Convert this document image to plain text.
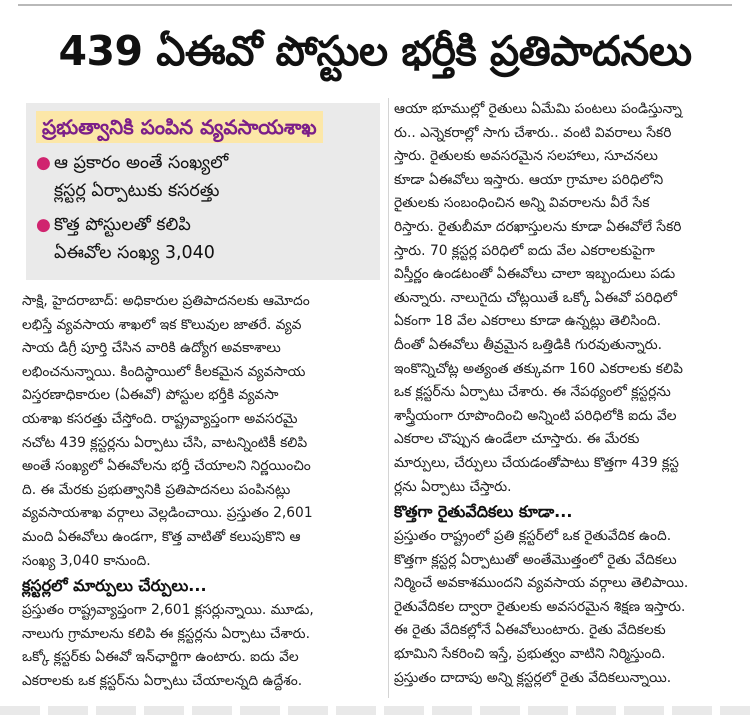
439 ఏఈవో పోస్టుల భర్తీకి ప్రతిపాదనలు
ప్రభుత్వానికి పంపిన వ్యవసాయశాఖ
● ఆ ప్రకారం అంతే సంఖ్యలో
క్లస్టర్ల ఏర్పాటుకు కసరత్తు
● కొత్త పోస్టులతో కలిపి
ఏఈవోల సంఖ్య 3,040
సాక్షి, హైదరాబాద్‌: అధికారుల ప్రతిపాదనలకు ఆమోదం
లభిస్తే వ్యవసాయ శాఖలో ఇక కొలువుల జాతరే. వ్యవ
సాయ డిగ్రీ పూర్తి చేసిన వారికి ఉద్యోగ అవకాశాలు
లభించనున్నాయి. కిందిస్థాయిలో కీలకమైన వ్యవసాయ
విస్తరణాధికారుల (ఏఈవో) పోస్టుల భర్తీకి వ్యవసా
యశాఖ కసరత్తు చేస్తోంది. రాష్ట్రవ్యాప్తంగా అవసరమై
నచోట 439 క్లస్టర్లను ఏర్పాటు చేసి, వాటన్నింటికీ కలిపి
అంతే సంఖ్యలో ఏఈవోలను భర్తీ చేయాలని నిర్ణయించిం
ది. ఈ మేరకు ప్రభుత్వానికి ప్రతిపాదనలు పంపినట్లు
వ్యవసాయశాఖ వర్గాలు వెల్లడించాయి. ప్రస్తుతం 2,601
మంది ఏఈవోలు ఉండగా, కొత్త వాటితో కలుపుకొని ఆ
సంఖ్య 3,040 కానుంది.
క్లస్టర్లలో మార్పులు చేర్పులు...
ప్రస్తుతం రాష్ట్రవ్యాప్తంగా 2,601 క్లసర్లున్నాయి. మూడు,
నాలుగు గ్రామాలను కలిపి ఈ క్లస్టర్లను ఏర్పాటు చేశారు.
ఒక్కో క్లస్టర్‌కు ఏఈవో ఇన్‌ఛార్జిగా ఉంటారు. ఐదు వేల
ఎకరాలకు ఒక క్లస్టర్‌ను ఏర్పాటు చేయాలన్నది ఉద్దేశం.
ఆయా భూముల్లో రైతులు ఏమేమి పంటలు పండిస్తున్నా
రు.. ఎన్నెకరాల్లో సాగు చేశారు.. వంటి వివరాలు సేకరి
స్తారు. రైతులకు అవసరమైన సలహాలు, సూచనలు
కూడా ఏఈవోలు ఇస్తారు. ఆయా గ్రామాల పరిధిలోని
రైతులకు సంబంధించిన అన్ని వివరాలను వీరే సేక
రిస్తారు. రైతుబీమా దరఖాస్తులను కూడా ఏఈవోలే సేకరి
స్తారు. 70 క్లస్టర్ల పరిధిలో ఐదు వేల ఎకరాలకుపైగా
విస్తీర్ణం ఉండటంతో ఏఈవోలు చాలా ఇబ్బందులు పడు
తున్నారు. నాలుగైదు చోట్లయితే ఒక్కో ఏఈవో పరిధిలో
ఏకంగా 18 వేల ఎకరాలు కూడా ఉన్నట్లు తెలిసింది.
దీంతో ఏఈవోలు తీవ్రమైన ఒత్తిడికి గురవుతున్నారు.
ఇంకొన్నిచోట్ల అత్యంత తక్కువగా 160 ఎకరాలకు కలిపి
ఒక క్లస్టర్‌ను ఏర్పాటు చేశారు. ఈ నేపథ్యంలో క్లస్టర్లను
శాస్త్రీయంగా రూపొందించి అన్నింటి పరిధిలోకి ఐదు వేల
ఎకరాల చొప్పున ఉండేలా చూస్తారు. ఈ మేరకు
మార్పులు, చేర్పులు చేయడంతోపాటు కొత్తగా 439 క్లస్ట
ర్లను ఏర్పాటు చేస్తారు.
కొత్తగా రైతువేదికలు కూడా...
ప్రస్తుతం రాష్ట్రంలో ప్రతి క్లస్టర్‌లో ఒక రైతువేదిక ఉంది.
కొత్తగా క్లస్టర్ల ఏర్పాటుతో అంతేమొత్తంలో రైతు వేదికలు
నిర్మించే అవకాశముందని వ్యవసాయ వర్గాలు తెలిపాయి.
రైతువేదికల ద్వారా రైతులకు అవసరమైన శిక్షణ ఇస్తారు.
ఈ రైతు వేదికల్లోనే ఏఈవోలుంటారు. రైతు వేదికలకు
భూమిని సేకరించి ఇస్తే, ప్రభుత్వం వాటిని నిర్మిస్తుంది.
ప్రస్తుతం దాదాపు అన్ని క్లస్టర్లలో రైతు వేదికలున్నాయి.
